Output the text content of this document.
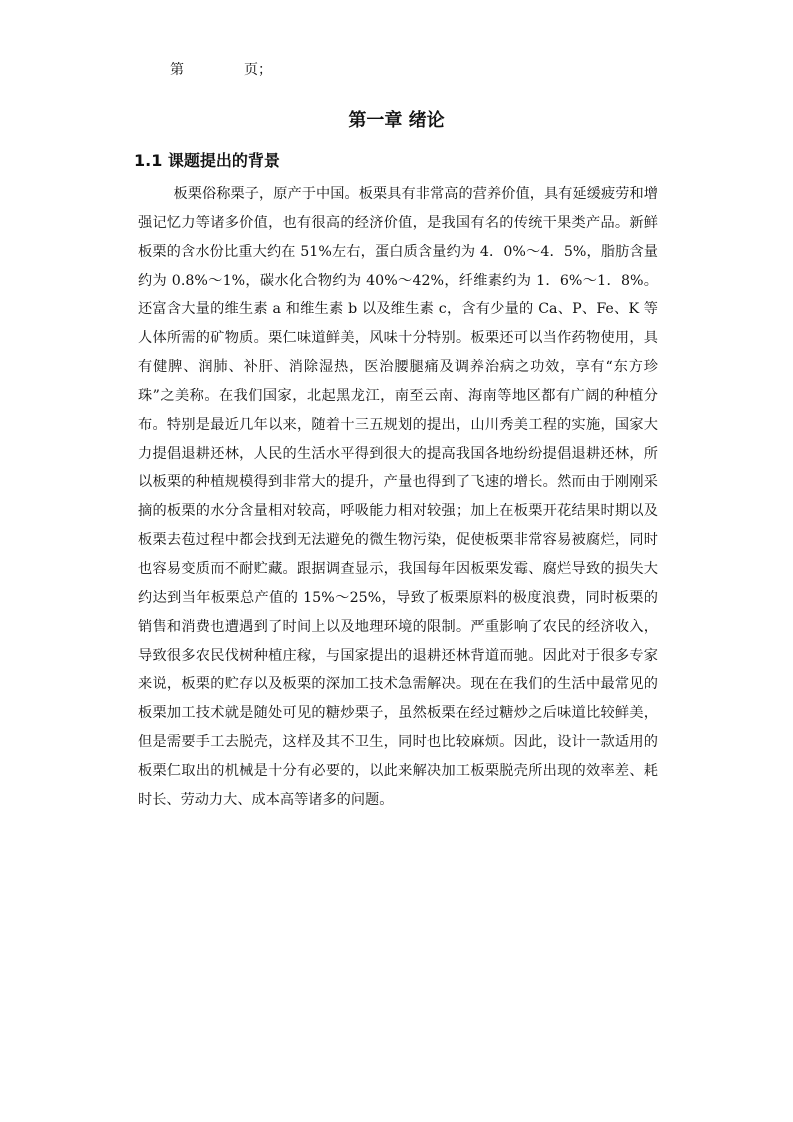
第	页；
第一章 绪论
1.1 课题提出的背景

板栗俗称栗子，原产于中国。板栗具有非常高的营养价值，具有延缓疲劳和增强记忆力等诸多价值，也有很高的经济价值，是我国有名的传统干果类产品。新鲜板栗的含水份比重大约在 51%左右，蛋白质含量约为 4．0%～4．5%，脂肪含量约为 0.8%～1%，碳水化合物约为 40%～42%，纤维素约为 1．6%～1．8%。还富含大量的维生素 a 和维生素 b 以及维生素 c，含有少量的 Ca、P、Fe、K 等人体所需的矿物质。栗仁味道鲜美，风味十分特别。板栗还可以当作药物使用，具有健脾、润肺、补肝、消除湿热，医治腰腿痛及调养治病之功效，享有“东方珍珠”之美称。在我们国家，北起黑龙江，南至云南、海南等地区都有广阔的种植分布。特别是最近几年以来，随着十三五规划的提出，山川秀美工程的实施，国家大力提倡退耕还林，人民的生活水平得到很大的提高我国各地纷纷提倡退耕还林，所以板栗的种植规模得到非常大的提升，产量也得到了飞速的增长。然而由于刚刚采摘的板栗的水分含量相对较高，呼吸能力相对较强；加上在板栗开花结果时期以及板栗去苞过程中都会找到无法避免的微生物污染，促使板栗非常容易被腐烂，同时也容易变质而不耐贮藏。跟据调查显示，我国每年因板栗发霉、腐烂导致的损失大约达到当年板栗总产值的 15%～25%，导致了板栗原料的极度浪费，同时板栗的销售和消费也遭遇到了时间上以及地理环境的限制。严重影响了农民的经济收入，导致很多农民伐树种植庄稼，与国家提出的退耕还林背道而驰。因此对于很多专家来说，板栗的贮存以及板栗的深加工技术急需解决。现在在我们的生活中最常见的板栗加工技术就是随处可见的糖炒栗子，虽然板栗在经过糖炒之后味道比较鲜美，但是需要手工去脱壳，这样及其不卫生，同时也比较麻烦。因此，设计一款适用的板栗仁取出的机械是十分有必要的，以此来解决加工板栗脱壳所出现的效率差、耗时长、劳动力大、成本高等诸多的问题。
